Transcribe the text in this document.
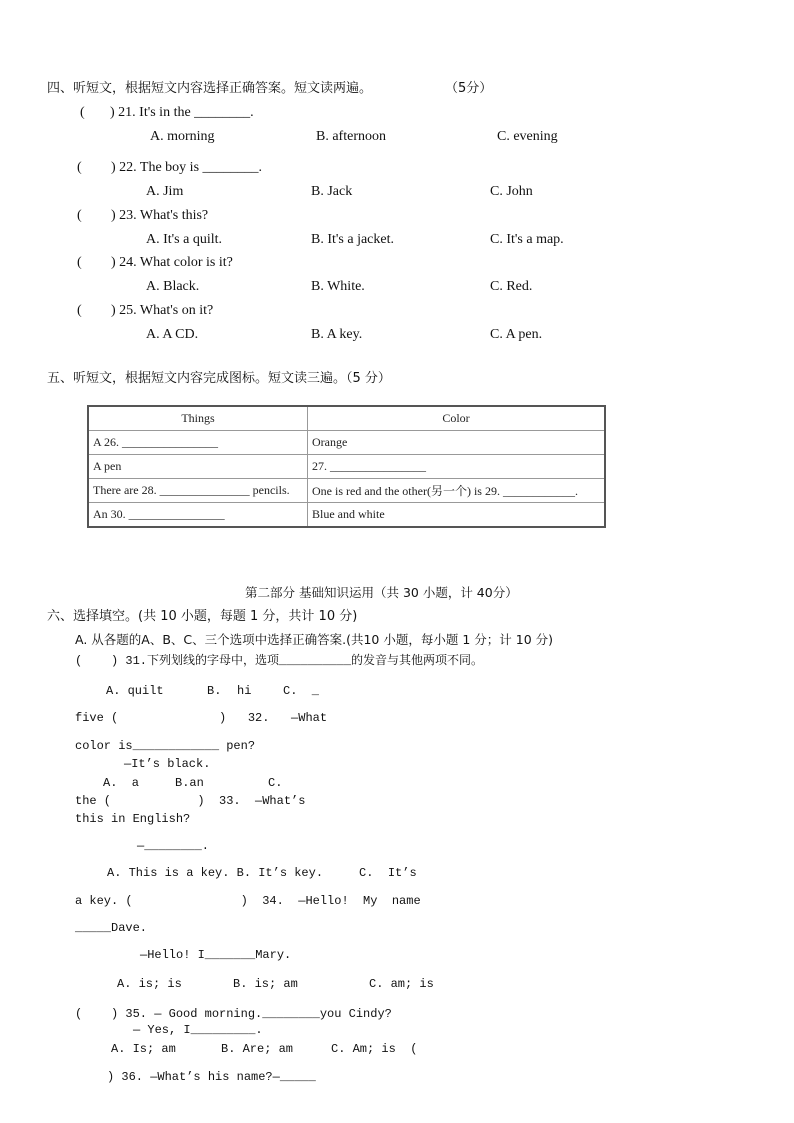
四、听短文，根据短文内容选择正确答案。短文读两遍。	（5分）
( ) 21. It's in the ________.
A. morning	B. afternoon	C. evening
( ) 22. The boy is ________.
A. Jim	B. Jack	C. John
( ) 23. What's this?
A. It's a quilt.	B. It's a jacket.	C. It's a map.
( ) 24. What color is it?
A. Black.	B. White.	C. Red.
( ) 25. What's on it?
A. A CD.	B. A key.	C. A pen.
五、听短文，根据短文内容完成图标。短文读三遍。（5 分）
Things	Color
A 26. ________________	Orange
A pen	27. ________________
There are 28. _______________ pencils.	One is red and the other(另一个) is 29. ____________.
An 30. ________________	Blue and white
第二部分 基础知识运用（共 30 小题，计 40分）
六、选择填空。(共 10 小题，每题 1 分，共计 10 分)
A. 从各题的A、B、C、三个选项中选择正确答案.(共10 小题，每小题 1 分；计 10 分)
(    ) 31.下列划线的字母中，选项__________的发音与其他两项不同。
A. quilt	B. hi	C.  _
five (              )   32.   —What
color is____________ pen?
—It’s black.
A.  a	B.an	C.
the (            )  33.  —What’s
this in English?
—________.
A. This is a key. B. It’s key.     C.  It’s
a key. (               )  34.  —Hello!  My  name
_____Dave.
—Hello! I_______Mary.
A. is; is	B. is; am	C. am; is
(    ) 35. — Good morning.________you Cindy?
— Yes, I_________.
A. Is; am	B. Are; am	C. Am; is  (
) 36. —What’s his name?—_____
